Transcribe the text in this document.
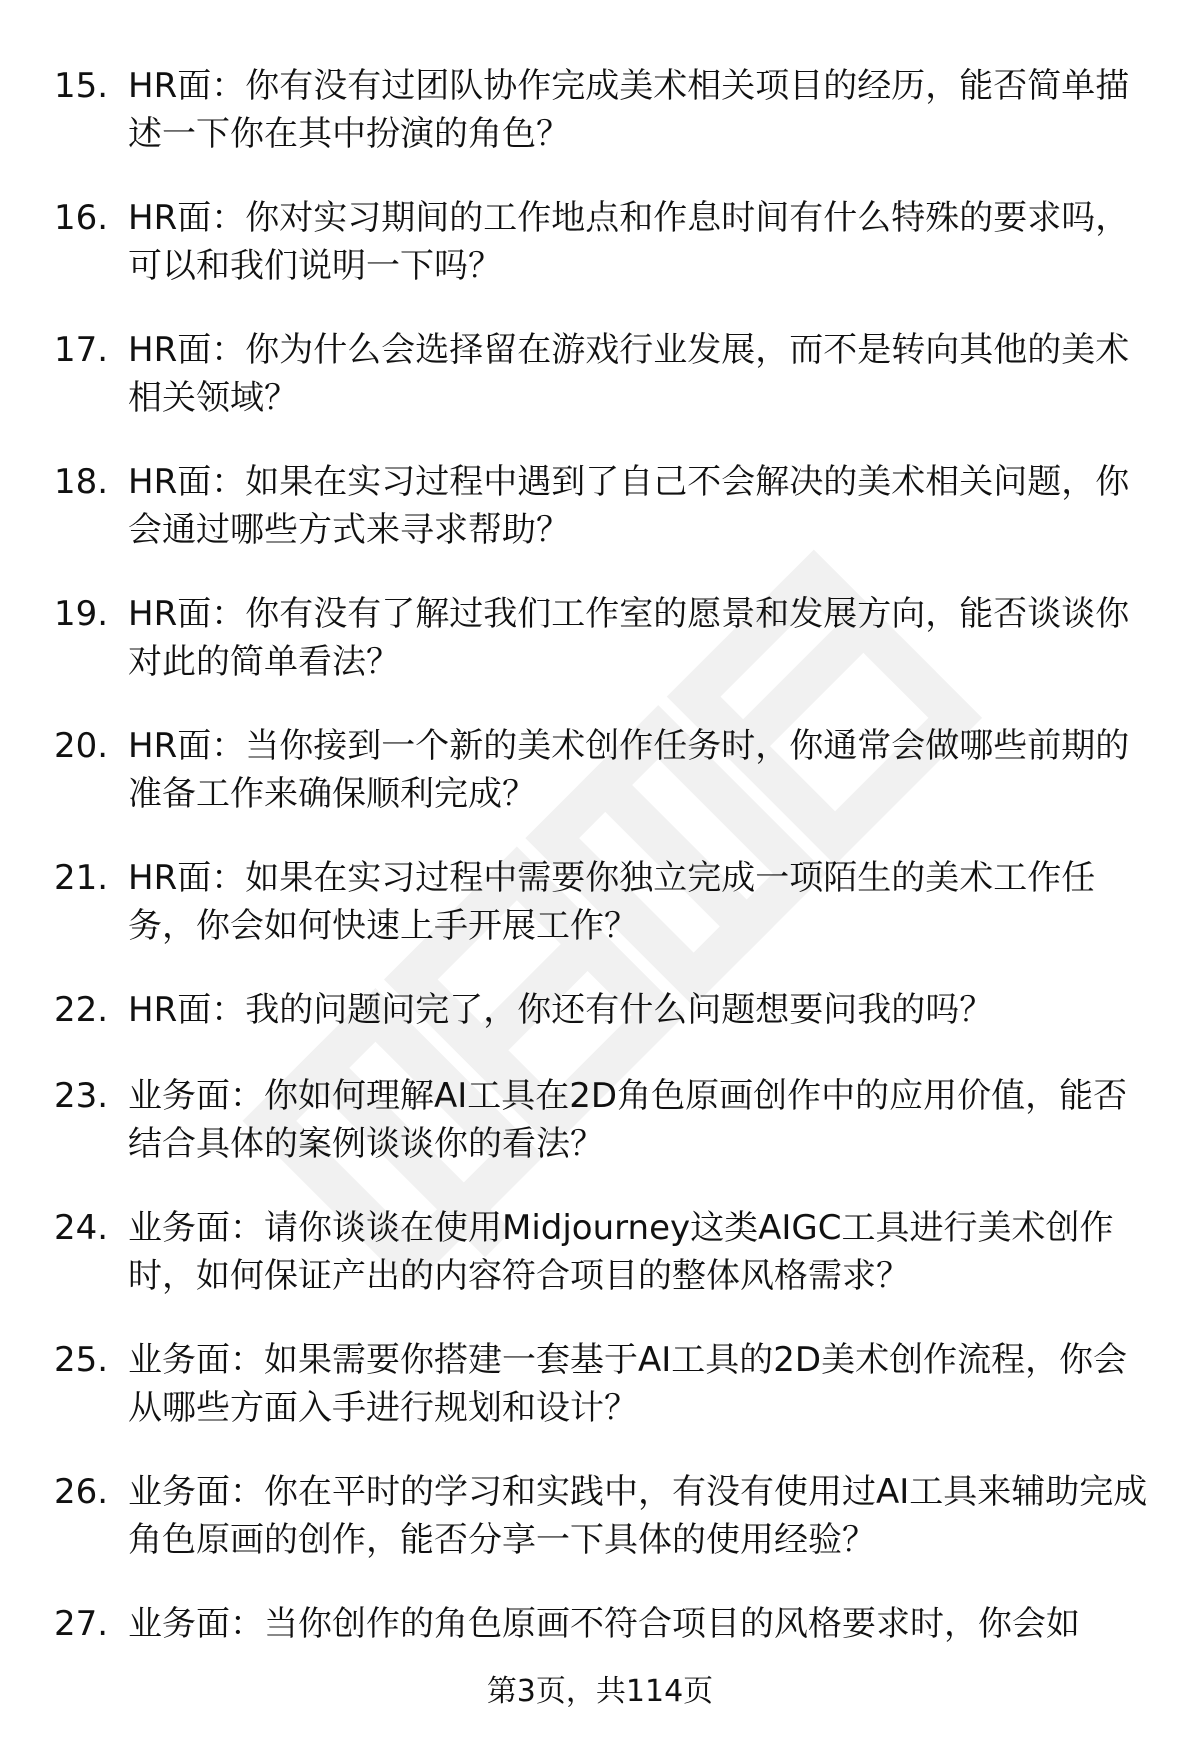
15. HR面：你有没有过团队协作完成美术相关项目的经历，能否简单描述一下你在其中扮演的角色？
16. HR面：你对实习期间的工作地点和作息时间有什么特殊的要求吗，可以和我们说明一下吗？
17. HR面：你为什么会选择留在游戏行业发展，而不是转向其他的美术相关领域？
18. HR面：如果在实习过程中遇到了自己不会解决的美术相关问题，你会通过哪些方式来寻求帮助？
19. HR面：你有没有了解过我们工作室的愿景和发展方向，能否谈谈你对此的简单看法？
20. HR面：当你接到一个新的美术创作任务时，你通常会做哪些前期的准备工作来确保顺利完成？
21. HR面：如果在实习过程中需要你独立完成一项陌生的美术工作任务，你会如何快速上手开展工作？
22. HR面：我的问题问完了，你还有什么问题想要问我的吗？
23. 业务面：你如何理解AI工具在2D角色原画创作中的应用价值，能否结合具体的案例谈谈你的看法？
24. 业务面：请你谈谈在使用Midjourney这类AIGC工具进行美术创作时，如何保证产出的内容符合项目的整体风格需求？
25. 业务面：如果需要你搭建一套基于AI工具的2D美术创作流程，你会从哪些方面入手进行规划和设计？
26. 业务面：你在平时的学习和实践中，有没有使用过AI工具来辅助完成角色原画的创作，能否分享一下具体的使用经验？
27. 业务面：当你创作的角色原画不符合项目的风格要求时，你会如
第3页，共114页
